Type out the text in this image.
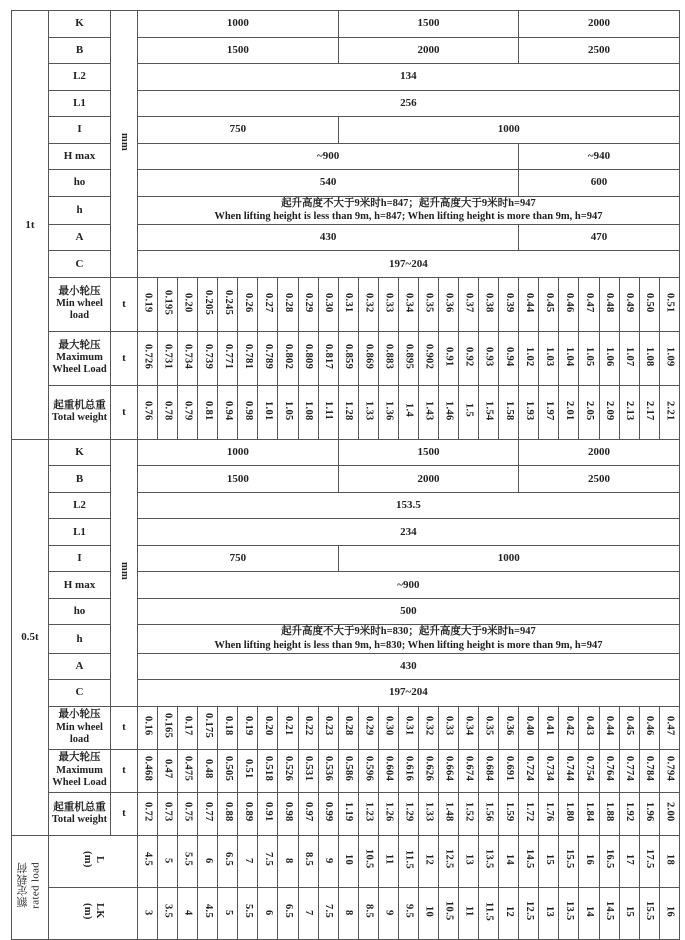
1t	K	mm	1000										1500									2000							

	B		1500										2000									2500							

	L2		134																										

	L1		256																										

	I		750										1000																

	H max		~900																			~940							

	ho		540																			600							

	h		起升高度不大于9米时h=847；起升高度大于9米时h=947
When lifting height is less than 9m, h=847; When lifting height is more than 9m, h=947																										

	A		430																			470							

	C		197~204																										

	最小轮压
Min wheel load	t	0.19	0.195	0.20	0.205	0.245	0.26	0.27	0.28	0.29	0.30	0.31	0.32	0.33	0.34	0.35	0.36	0.37	0.38	0.39	0.44	0.45	0.46	0.47	0.48	0.49	0.50	0.51

	最大轮压
Maximum Wheel Load	t	0.726	0.731	0.734	0.739	0.771	0.781	0.789	0.802	0.809	0.817	0.859	0.869	0.883	0.895	0.902	0.91	0.92	0.93	0.94	1.02	1.03	1.04	1.05	1.06	1.07	1.08	1.09

	起重机总重
Total weight	t	0.76	0.78	0.79	0.81	0.94	0.98	1.01	1.05	1.08	1.11	1.28	1.33	1.36	1.4	1.43	1.46	1.5	1.54	1.58	1.93	1.97	2.01	2.05	2.09	2.13	2.17	2.21
0.5t	K	mm	1000										1500									2000							

	B		1500										2000									2500							

	L2		153.5																										

	L1		234																										

	I		750										1000																

	H max		~900																										

	ho		500																										

	h		起升高度不大于9米时h=830；起升高度大于9米时h=947
When lifting height is less than 9m, h=830; When lifting height is more than 9m, h=947																										

	A		430																										

	C		197~204																										

	最小轮压
Min wheel load	t	0.16	0.165	0.17	0.175	0.18	0.19	0.20	0.21	0.22	0.23	0.28	0.29	0.30	0.31	0.32	0.33	0.34	0.35	0.36	0.40	0.41	0.42	0.43	0.44	0.45	0.46	0.47

	最大轮压
Maximum Wheel Load	t	0.468	0.47	0.475	0.48	0.505	0.51	0.518	0.526	0.531	0.536	0.586	0.596	0.604	0.616	0.626	0.664	0.674	0.684	0.691	0.724	0.734	0.744	0.754	0.764	0.774	0.784	0.794

	起重机总重
Total weight	t	0.72	0.73	0.75	0.77	0.88	0.89	0.91	0.98	0.97	0.99	1.19	1.23	1.26	1.29	1.33	1.48	1.52	1.56	1.59	1.72	1.76	1.80	1.84	1.88	1.92	1.96	2.00

额定载荷 rated load	L
(m)		4.5	5	5.5	6	6.5	7	7.5	8	8.5	9	10	10.5	11	11.5	12	12.5	13	13.5	14	14.5	15	15.5	16	16.5	17	17.5	18

	LK
(m)		3	3.5	4	4.5	5	5.5	6	6.5	7	7.5	8	8.5	9	9.5	10	10.5	11	11.5	12	12.5	13	13.5	14	14.5	15	15.5	16
